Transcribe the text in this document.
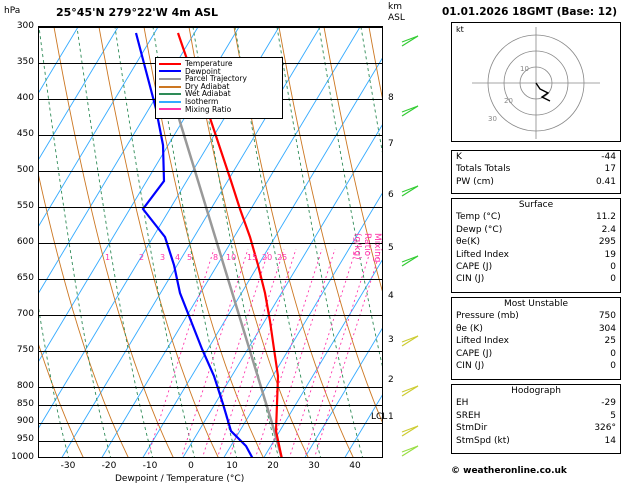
hPa	25°45'N 279°22'W 4m ASL	km
ASL
1	2 3 4 5	8 10 15 20 25
Temperature
Dewpoint
Parcel Trajectory
Dry Adiabat
Wet Adiabat
Isotherm
Mixing Ratio
300
350
400
450
500
550
600
650
700
750
800
850
900
950
1000
-30	-20	-10	0	10	20	30	40
Dewpoint / Temperature (°C)
8
7
6
5
4
3
2
1
LCL
Mixing Ratio (g/kg)
01.01.2026 18GMT (Base: 12)
kt
10
20
30
K	-44
Totals Totals	17
PW (cm)	0.41
Surface
Temp (°C)	11.2
Dewp (°C)	2.4
θe(K)	295
Lifted Index	19
CAPE (J)	0
CIN (J)	0
Most Unstable
Pressure (mb)	750
θe (K)	304
Lifted Index	25
CAPE (J)	0
CIN (J)	0
Hodograph
EH	-29
SREH	5
StmDir	326°
StmSpd (kt)	14
© weatheronline.co.uk
